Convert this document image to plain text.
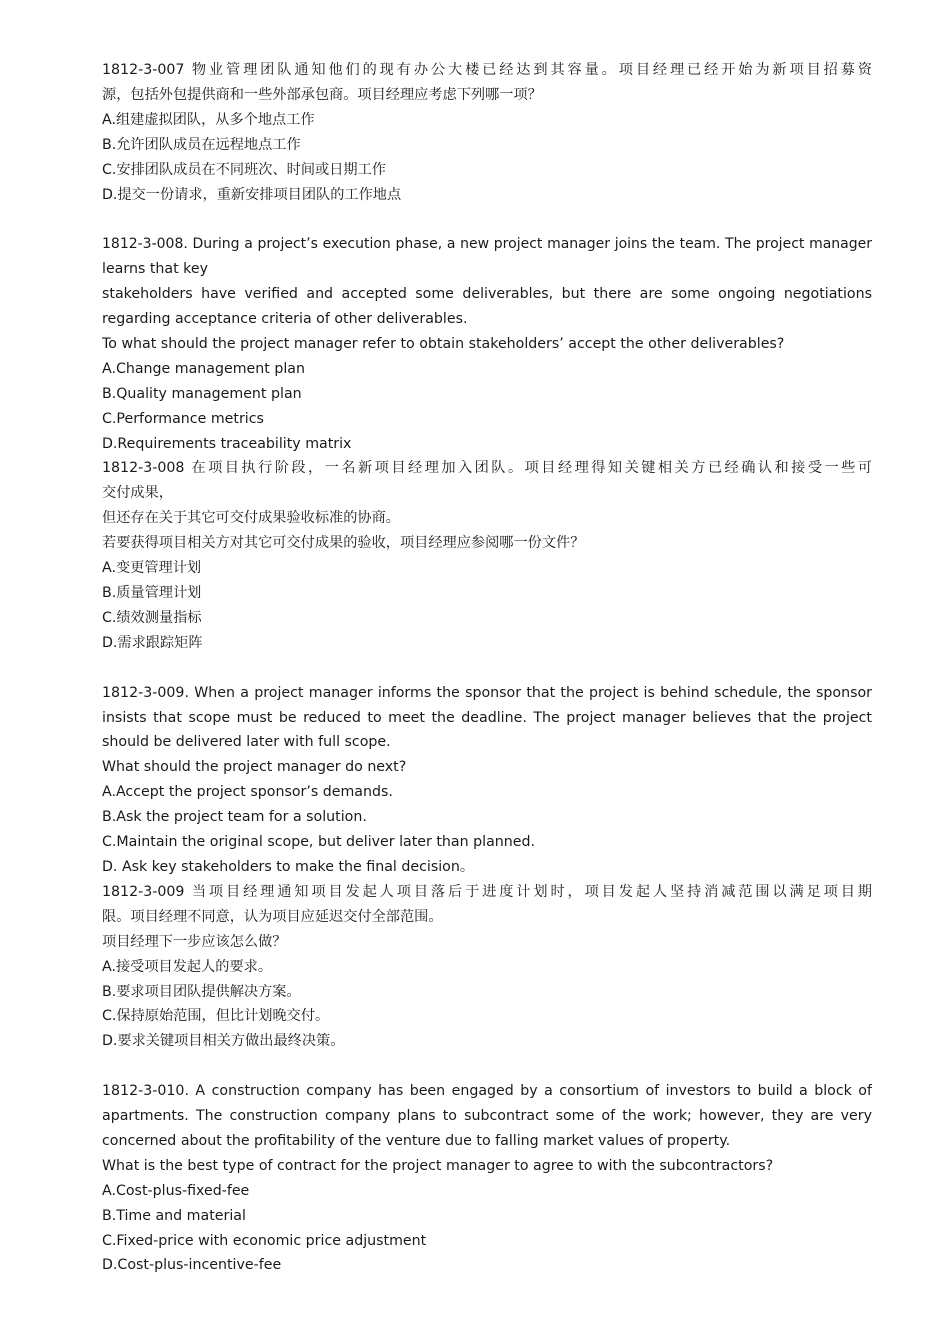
1812-3-007 物业管理团队通知他们的现有办公大楼已经达到其容量。项目经理已经开始为新项目招募资
源，包括外包提供商和一些外部承包商。项目经理应考虑下列哪一项？
A.组建虚拟团队，从多个地点工作
B.允许团队成员在远程地点工作
C.安排团队成员在不同班次、时间或日期工作
D.提交一份请求，重新安排项目团队的工作地点
1812-3-008. During a project’s execution phase, a new project manager joins the team. The project manager
learns that key
stakeholders have verified and accepted some deliverables, but there are some ongoing negotiations
regarding acceptance criteria of other deliverables.
To what should the project manager refer to obtain stakeholders’ accept the other deliverables?
A.Change management plan
B.Quality management plan
C.Performance metrics
D.Requirements traceability matrix
1812-3-008 在项目执行阶段，一名新项目经理加入团队。项目经理得知关键相关方已经确认和接受一些可
交付成果，
但还存在关于其它可交付成果验收标准的协商。
若要获得项目相关方对其它可交付成果的验收，项目经理应参阅哪一份文件？
A.变更管理计划
B.质量管理计划
C.绩效测量指标
D.需求跟踪矩阵
1812-3-009. When a project manager informs the sponsor that the project is behind schedule, the sponsor
insists that scope must be reduced to meet the deadline. The project manager believes that the project
should be delivered later with full scope.
What should the project manager do next?
A.Accept the project sponsor’s demands.
B.Ask the project team for a solution.
C.Maintain the original scope, but deliver later than planned.
D. Ask key stakeholders to make the final decision。
1812-3-009 当项目经理通知项目发起人项目落后于进度计划时，项目发起人坚持消减范围以满足项目期
限。项目经理不同意，认为项目应延迟交付全部范围。
项目经理下一步应该怎么做？
A.接受项目发起人的要求。
B.要求项目团队提供解决方案。
C.保持原始范围，但比计划晚交付。
D.要求关键项目相关方做出最终决策。
1812-3-010. A construction company has been engaged by a consortium of investors to build a block of
apartments. The construction company plans to subcontract some of the work; however, they are very
concerned about the profitability of the venture due to falling market values of property.
What is the best type of contract for the project manager to agree to with the subcontractors?
A.Cost-plus-fixed-fee
B.Time and material
C.Fixed-price with economic price adjustment
D.Cost-plus-incentive-fee
